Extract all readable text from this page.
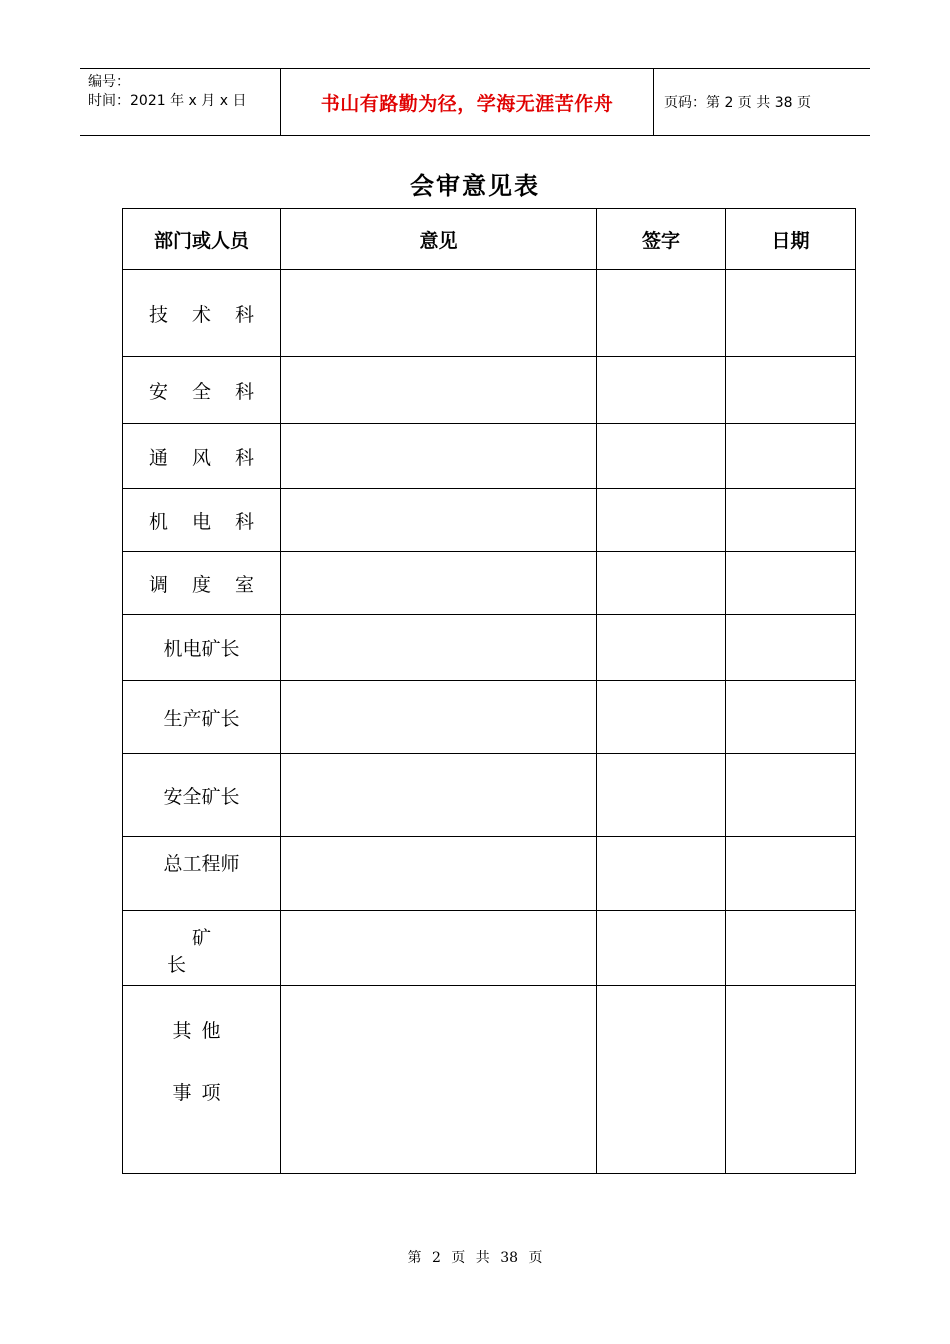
编号：
时间：2021 年 x 月 x 日	书山有路勤为径，学海无涯苦作舟	页码：第 2 页 共 38 页
会审意见表
部门或人员	意见	签字	日期
技术科			
安全科			
通风科			
机电科			
调度室			
机电矿长			
生产矿长			
安全矿长			
总工程师			
矿长			

其他
事项			

第 2 页 共 38 页
